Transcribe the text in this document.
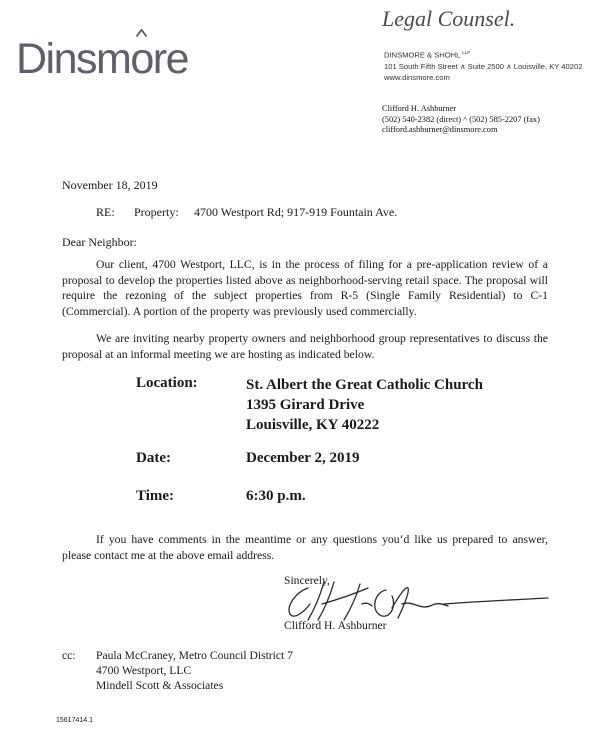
Dinsmo
re
Legal Counsel.
DINSMORE & SHOHL $^{LLP}$
101 South Fifth Street ∧ Suite 2500 ∧ Louisville, KY 40202
www.dinsmore.com
Clifford H. Ashburner
(502) 540-2382 (direct) ^ (502) 585-2207 (fax)
clifford.ashburner@dinsmore.com
November 18, 2019
RE: Property: 4700 Westport Rd; 917-919 Fountain Ave.
Dear Neighbor:
Our client, 4700 Westport, LLC, is in the process of filing for a pre-application review of a proposal to develop the properties listed above as neighborhood-serving retail space. The proposal will require the rezoning of the subject properties from R-5 (Single Family Residential) to C-1 (Commercial). A portion of the property was previously used commercially.
We are inviting nearby property owners and neighborhood group representatives to discuss the proposal at an informal meeting we are hosting as indicated below.
Location:	St. Albert the Great Catholic Church
1395 Girard Drive
Louisville, KY 40222
Date:	December 2, 2019
Time:	6:30 p.m.
If you have comments in the meantime or any questions you‘d like us prepared to answer, please contact me at the above email address.
Sincerely,
Clifford H. Ashburner
cc: Paula McCraney, Metro Council District 7
4700 Westport, LLC
Mindell Scott & Associates
15617414.1
